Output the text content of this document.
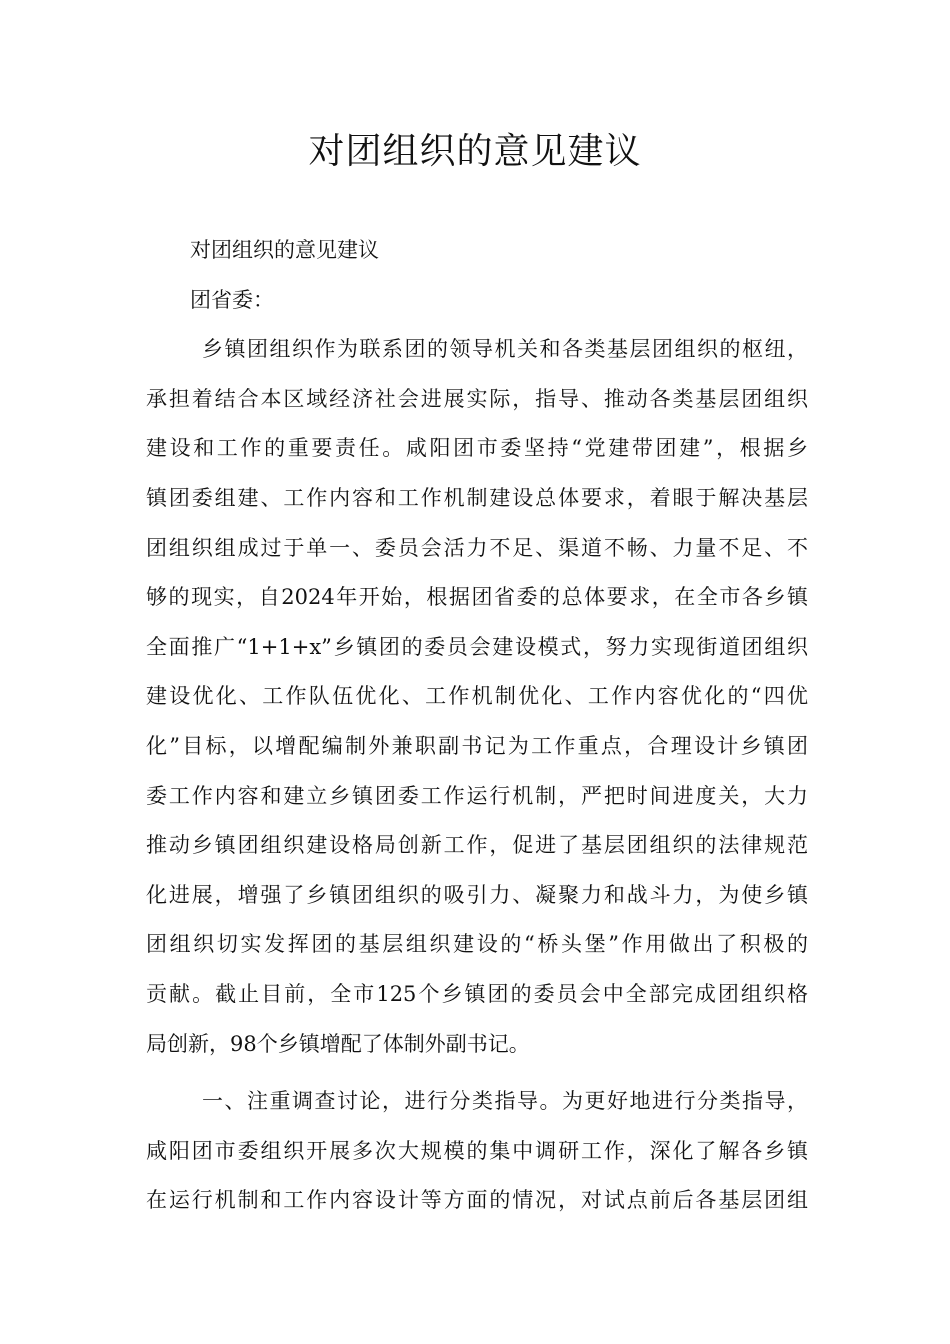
对团组织的意见建议
对团组织的意见建议
团省委：
乡镇团组织作为联系团的领导机关和各类基层团组织的枢纽，
承担着结合本区域经济社会进展实际，指导、推动各类基层团组织
建设和工作的重要责任。咸阳团市委坚持“党建带团建”，根据乡
镇团委组建、工作内容和工作机制建设总体要求，着眼于解决基层
团组织组成过于单一、委员会活力不足、渠道不畅、力量不足、不
够的现实，自2024年开始，根据团省委的总体要求，在全市各乡镇
全面推广“1+1+x”乡镇团的委员会建设模式，努力实现街道团组织
建设优化、工作队伍优化、工作机制优化、工作内容优化的“四优
化”目标，以增配编制外兼职副书记为工作重点，合理设计乡镇团
委工作内容和建立乡镇团委工作运行机制，严把时间进度关，大力
推动乡镇团组织建设格局创新工作，促进了基层团组织的法律规范
化进展，增强了乡镇团组织的吸引力、凝聚力和战斗力，为使乡镇
团组织切实发挥团的基层组织建设的“桥头堡”作用做出了积极的
贡献。截止目前，全市125个乡镇团的委员会中全部完成团组织格
局创新，98个乡镇增配了体制外副书记。
一、注重调查讨论，进行分类指导。为更好地进行分类指导，
咸阳团市委组织开展多次大规模的集中调研工作，深化了解各乡镇
在运行机制和工作内容设计等方面的情况，对试点前后各基层团组
